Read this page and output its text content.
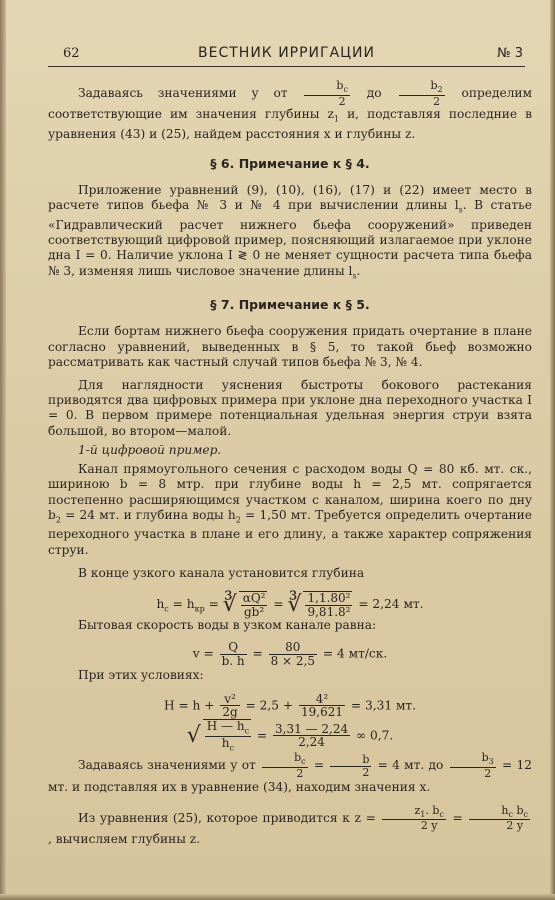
62	ВЕСТНИК ИРРИГАЦИИ	№ 3

Задаваясь значениями у от $\frac{b_c}{2}$ до $\frac{b_2}{2}$ определим соответствующие им значения глубины $z_1$ и, подставляя последние в уравнения (43) и (25), найдем расстояния x и глубины z.

§ 6. Примечание к § 4.

Приложение уравнений (9), (10), (16), (17) и (22) имеет место в расчете типов бьефа № 3 и № 4 при вычислении длины $l_s$. В статье «Гидравлический расчет нижнего бьефа сооружений» приведен соответствующий цифровой пример, поясняющий излагаемое при уклоне дна I = 0. Наличие уклона I ≷ 0 не меняет сущности расчета типа бьефа № 3, изменяя лишь числовое значение длины $l_s$.

§ 7. Примечание к § 5.

Если бортам нижнего бьефа сооружения придать очертание в плане согласно уравнений, выведенных в § 5, то такой бьеф возможно рассматривать как частный случай типов бьефа № 3, № 4.

Для наглядности уяснения быстроты бокового растекания приводятся два цифровых примера при уклоне дна переходного участка I = 0. В первом примере потенциальная удельная энергия струи взята большой, во втором—малой.

1-й цифровой пример.

Канал прямоугольного сечения с расходом воды Q = 80 кб. мт. ск., шириною b = 8 мтр. при глубине воды h = 2,5 мт. сопрягается постепенно расширяющимся участком с каналом, ширина коего по дну $b_2 = 24$ мт. и глубина воды $h_2 = 1,50$ мт. Требуется определить очертание переходного участка в плане и его длину, а также характер сопряжения струи.

В конце узкого канала установится глубина

$h_c = h_{кр}$ = ∛ $\frac{\text{αQ²}}{\text{gb²}}$ = ∛ $\frac{\text{1,1.80²}}{\text{9,81.8²}} = 2,24$ мт.

Бытовая скорость воды в узком канале равна:

$v = \frac{Q}{b. h} = \frac{80}{8 \times 2,5} = 4$ мт/ск.

При этих условиях:

$H = h + \frac{\text{v²}}{2g} = 2,5 + \frac{\text{4²}}{19,621} = 3,31$ мт.
√ $\frac{H — h_c}{h_c} = \frac{3,31 — 2,24}{2,24}$ ∞ 0,7.

Задаваясь значениями у от $\frac{b_c}{2} = \frac{b}{2} = 4$ мт. до $\frac{b_3}{2} = 12$ мт. и подставляя их в уравнение (34), находим значения x.

Из уравнения (25), которое приводится к $z = \frac{z_1. b_c}{2 y} = \frac{h_c b_c}{2 y}$
, вычисляем глубины z.
